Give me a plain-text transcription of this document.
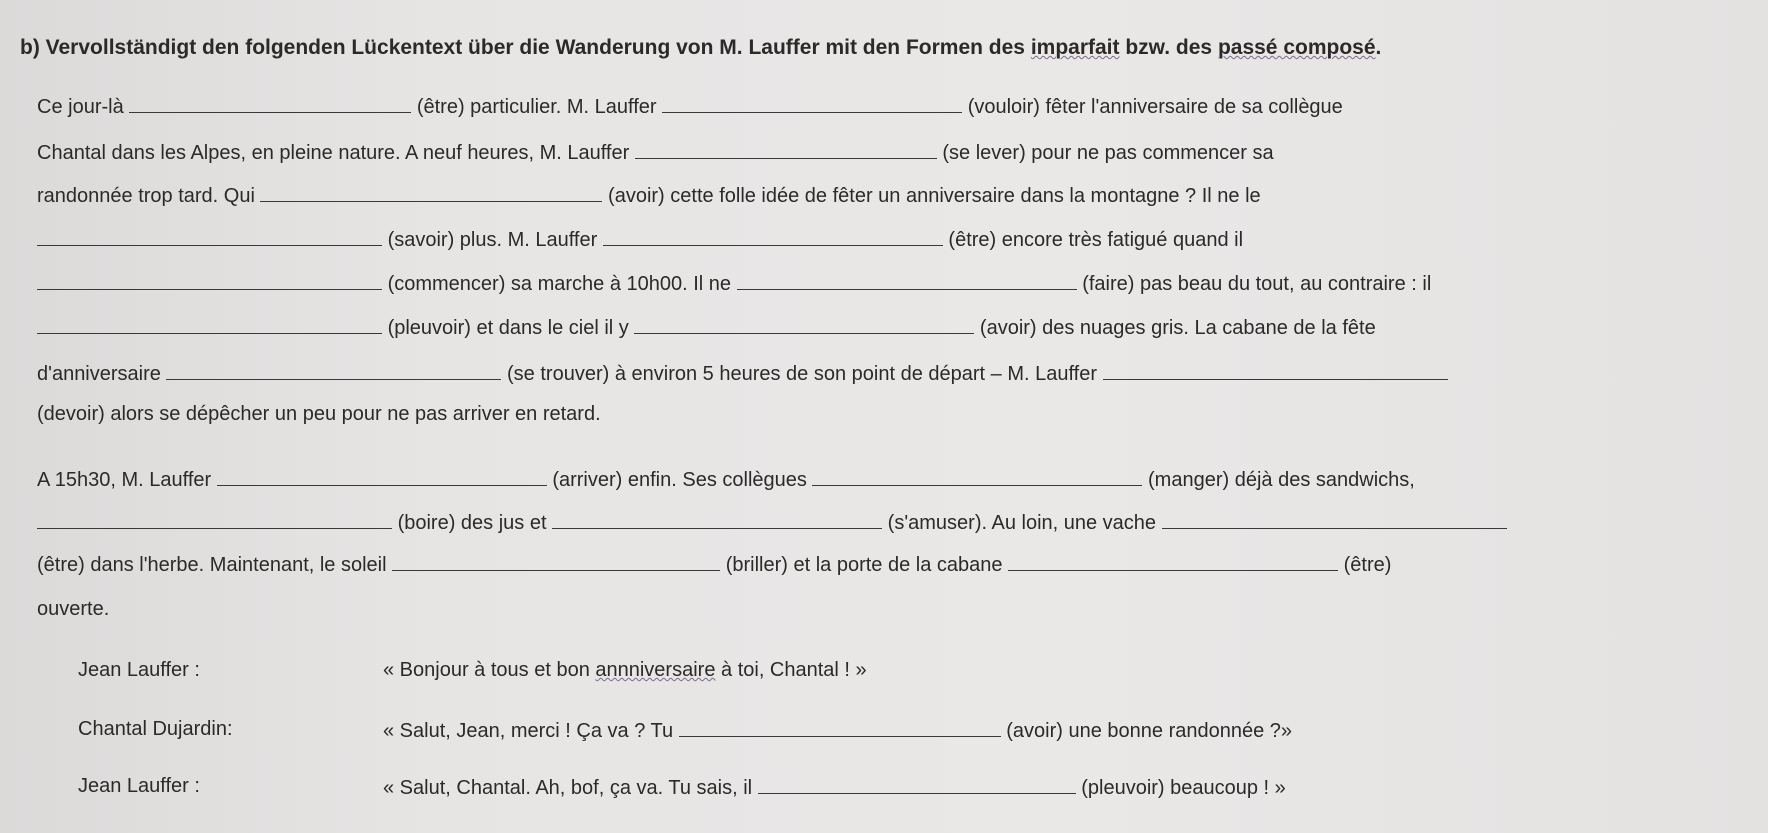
b) Vervollständigt den folgenden Lückentext über die Wanderung von M. Lauffer mit den Formen des imparfait bzw. des passé composé.
Ce jour-là	(être) particulier. M. Lauffer	(vouloir) fêter l'anniversaire de sa collègue
Chantal dans les Alpes, en pleine nature. A neuf heures, M. Lauffer	(se lever) pour ne pas commencer sa
randonnée trop tard. Qui	(avoir) cette folle idée de fêter un anniversaire dans la montagne ? Il ne le
(savoir) plus. M. Lauffer	(être) encore très fatigué quand il
(commencer) sa marche à 10h00. Il ne	(faire) pas beau du tout, au contraire : il
(pleuvoir) et dans le ciel il y	(avoir) des nuages gris. La cabane de la fête
d'anniversaire	(se trouver) à environ 5 heures de son point de départ – M. Lauffer
(devoir) alors se dépêcher un peu pour ne pas arriver en retard.
A 15h30, M. Lauffer	(arriver) enfin. Ses collègues	(manger) déjà des sandwichs,
(boire) des jus et	(s'amuser). Au loin, une vache
(être) dans l'herbe. Maintenant, le soleil	(briller) et la porte de la cabane	(être)
ouverte.
Jean Lauffer :	« Bonjour à tous et bon annniversaire à toi, Chantal ! »
Chantal Dujardin:	« Salut, Jean, merci ! Ça va ? Tu	(avoir) une bonne randonnée ?»
Jean Lauffer :	« Salut, Chantal. Ah, bof, ça va. Tu sais, il	(pleuvoir) beaucoup ! »
